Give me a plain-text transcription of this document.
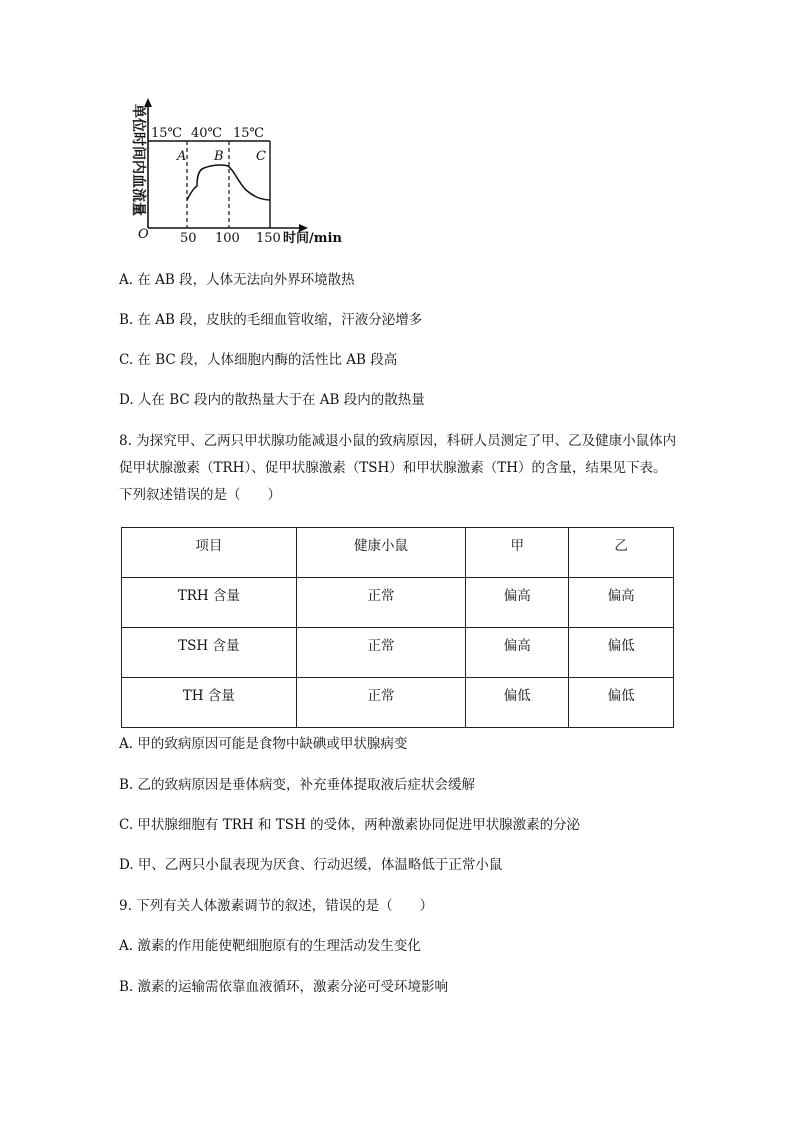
单位时间内血流量 15℃ 40℃ 15℃
A B C
O 50 100 150 时间/min
A. 在 AB 段，人体无法向外界环境散热
B. 在 AB 段，皮肤的毛细血管收缩，汗液分泌增多
C. 在 BC 段，人体细胞内酶的活性比 AB 段高
D. 人在 BC 段内的散热量大于在 AB 段内的散热量
8. 为探究甲、乙两只甲状腺功能减退小鼠的致病原因，科研人员测定了甲、乙及健康小鼠体内促甲状腺激素（TRH）、促甲状腺激素（TSH）和甲状腺激素（TH）的含量，结果见下表。下列叙述错误的是（　　）
项目	健康小鼠	甲	乙
TRH 含量	正常	偏高	偏高
TSH 含量	正常	偏高	偏低
TH 含量	正常	偏低	偏低
A. 甲的致病原因可能是食物中缺碘或甲状腺病变
B. 乙的致病原因是垂体病变，补充垂体提取液后症状会缓解
C. 甲状腺细胞有 TRH 和 TSH 的受体，两种激素协同促进甲状腺激素的分泌
D. 甲、乙两只小鼠表现为厌食、行动迟缓，体温略低于正常小鼠
9. 下列有关人体激素调节的叙述，错误的是（　　）
A. 激素的作用能使靶细胞原有的生理活动发生变化
B. 激素的运输需依靠血液循环，激素分泌可受环境影响
